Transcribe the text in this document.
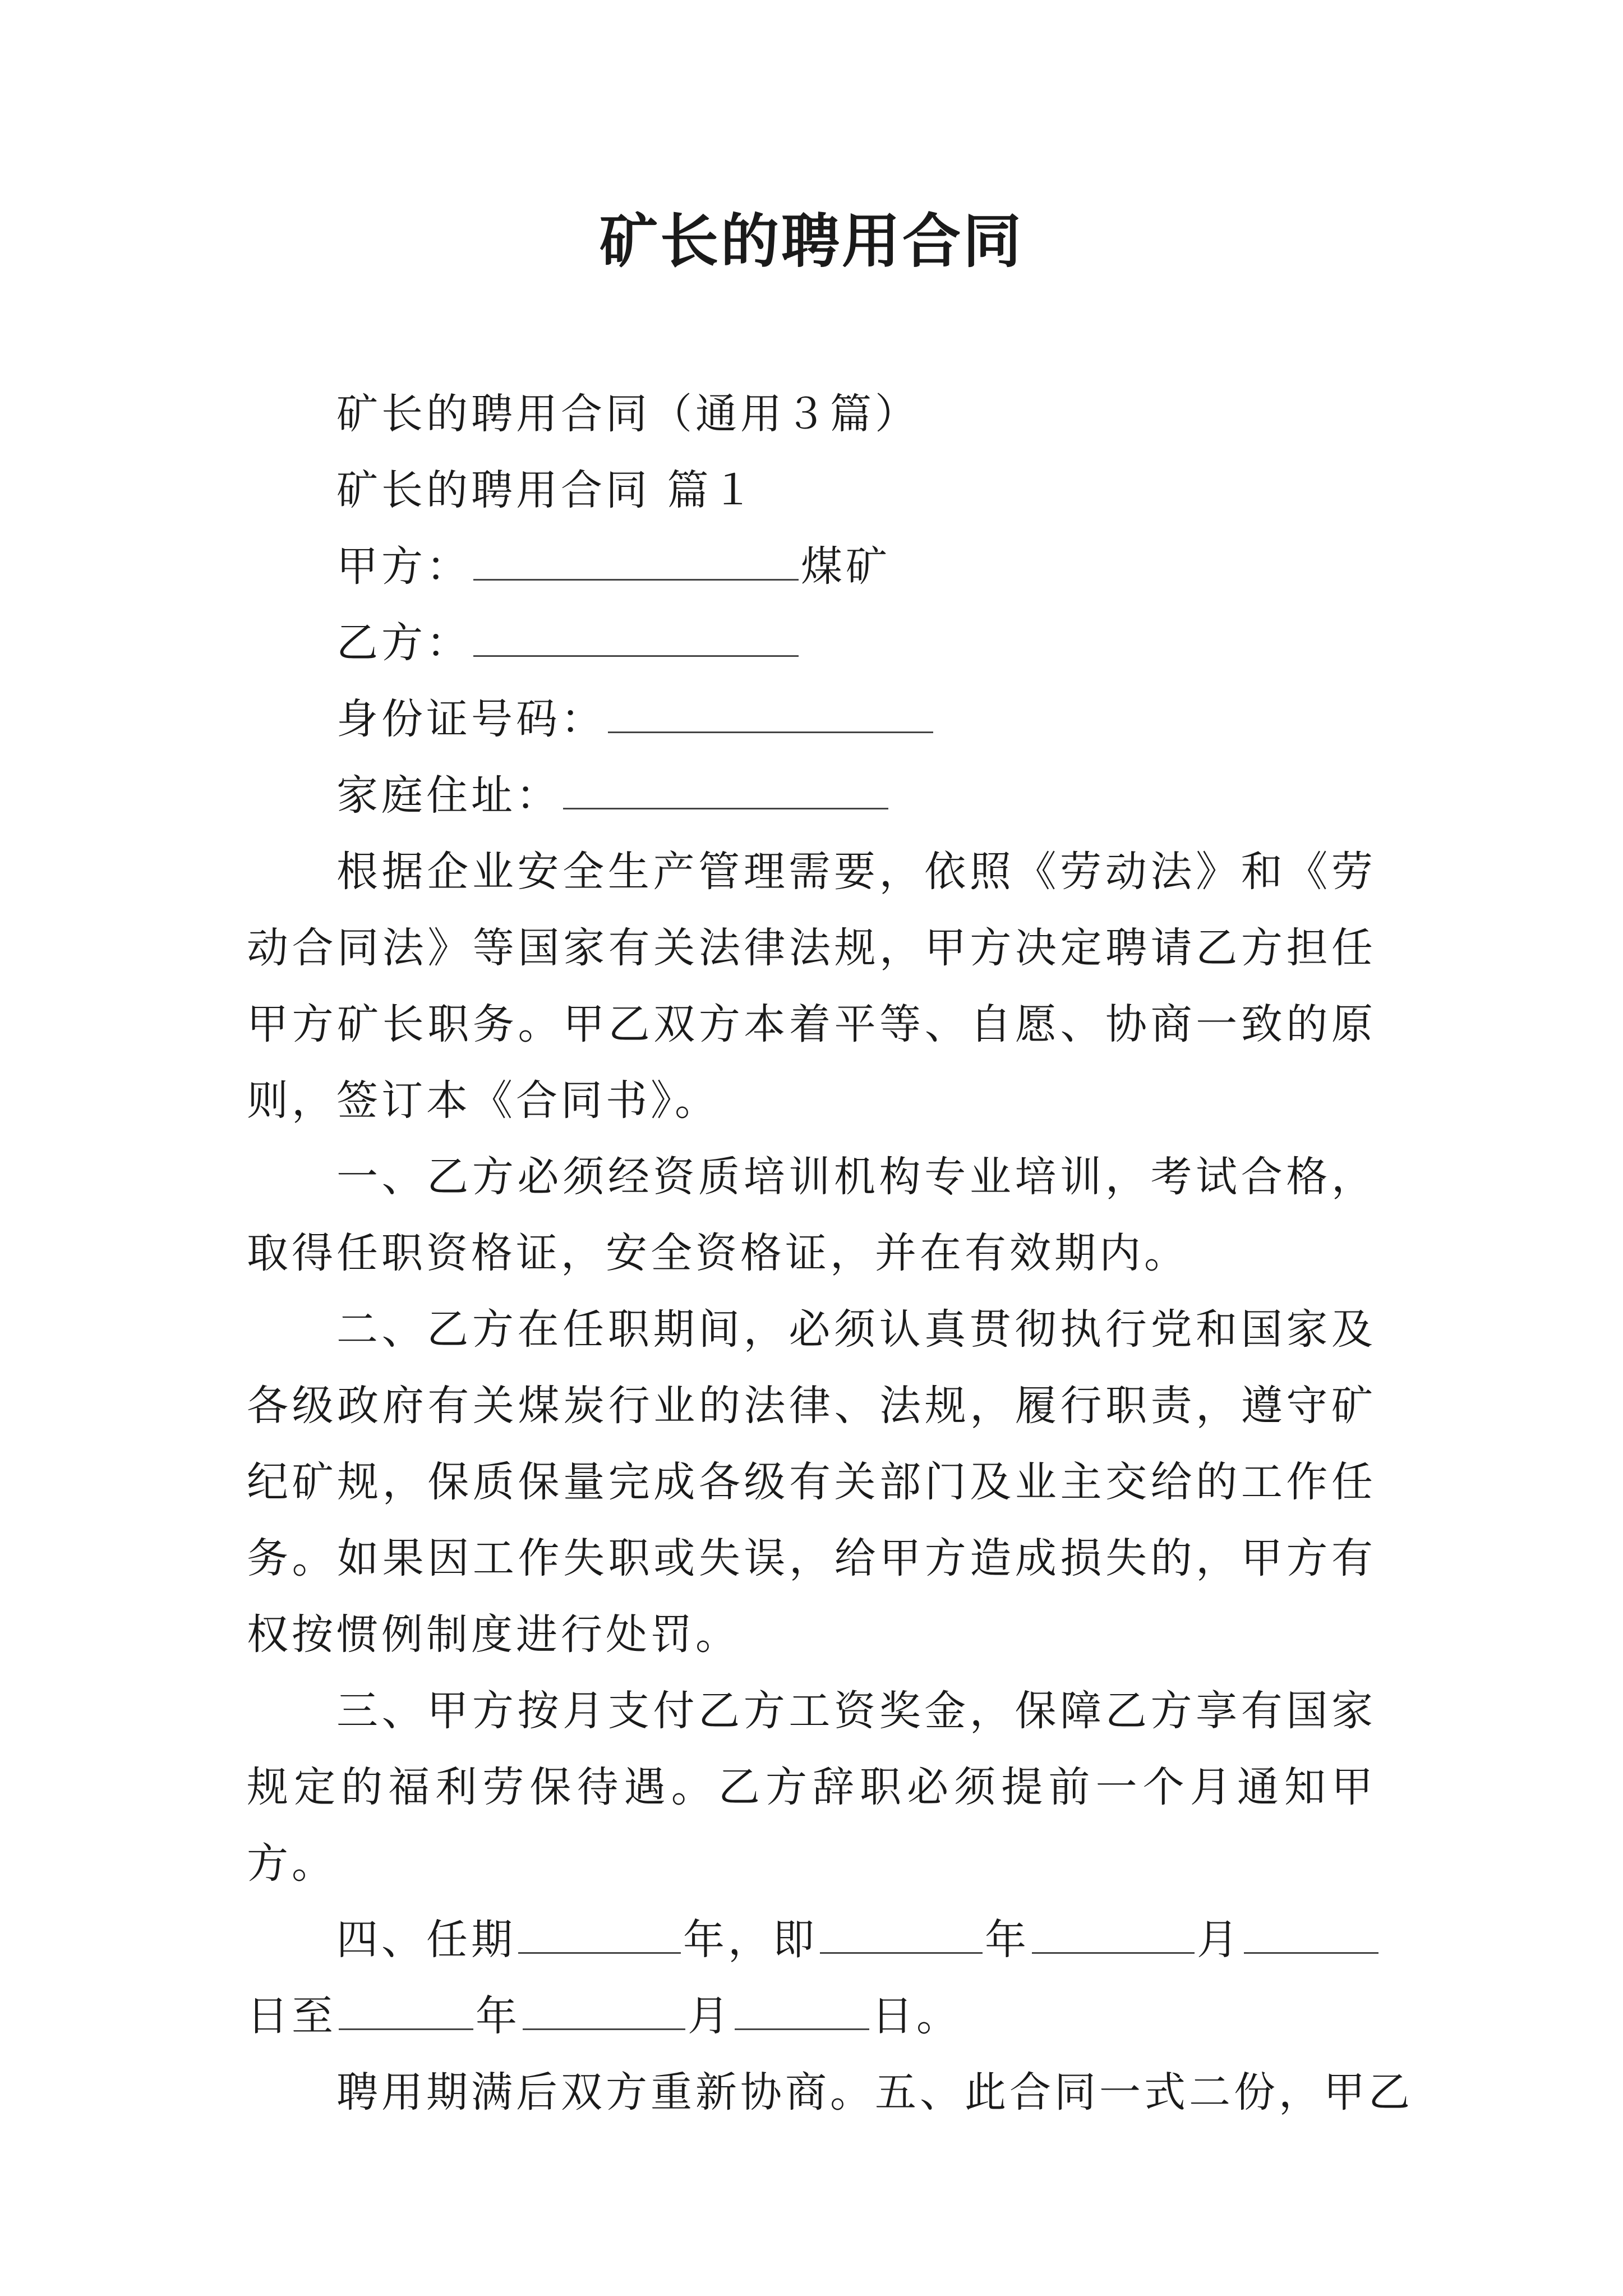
矿长的聘用合同
矿长的聘用合同（通用３篇）
矿长的聘用合同 篇１
甲方：	煤矿
乙方：
身份证号码：
家庭住址：

根据企业安全生产管理需要，依照《劳动法》和《劳动合同法》等国家有关法律法规，甲方决定聘请乙方担任甲方矿长职务。甲乙双方本着平等、自愿、协商一致的原则，签订本《合同书》。

一、乙方必须经资质培训机构专业培训，考试合格，取得任职资格证，安全资格证，并在有效期内。

二、乙方在任职期间，必须认真贯彻执行党和国家及各级政府有关煤炭行业的法律、法规，履行职责，遵守矿纪矿规，保质保量完成各级有关部门及业主交给的工作任务。如果因工作失职或失误，给甲方造成损失的，甲方有权按惯例制度进行处罚。

三、甲方按月支付乙方工资奖金，保障乙方享有国家规定的福利劳保待遇。乙方辞职必须提前一个月通知甲方。

四、任期	年，即	年	月
日至	年	月	日。
聘用期满后双方重新协商。五、此合同一式二份，甲乙
